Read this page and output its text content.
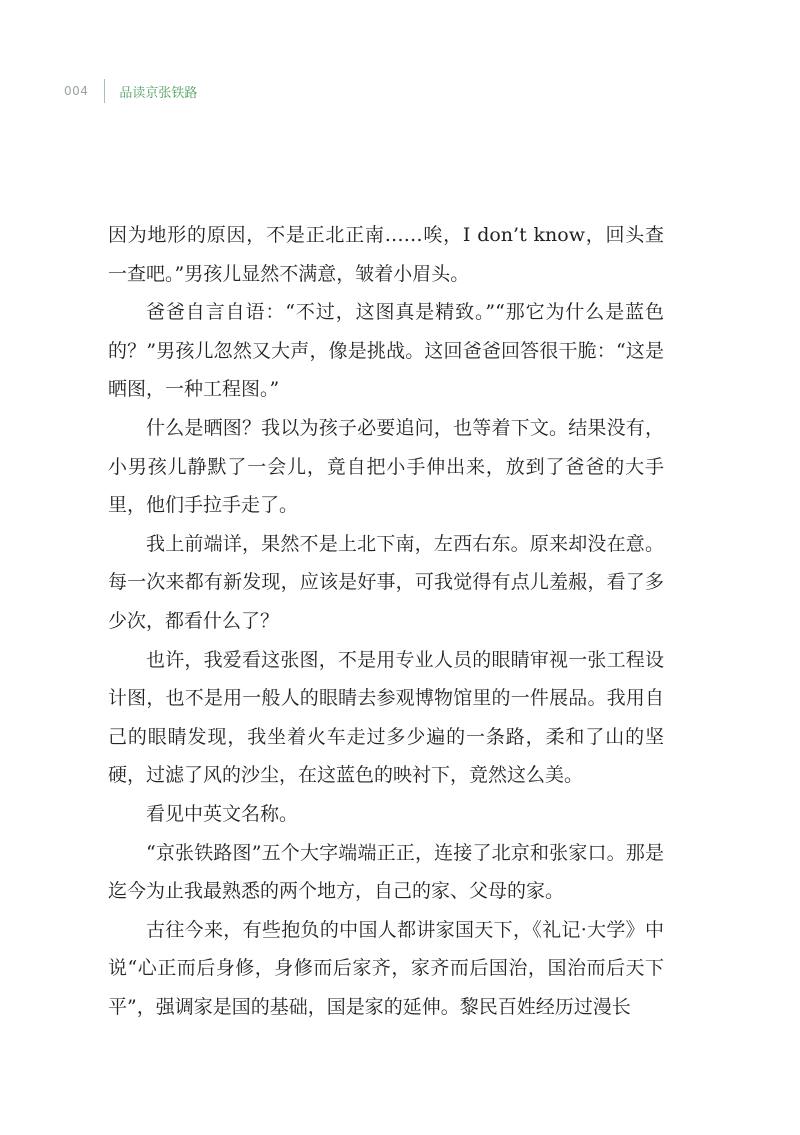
004 品读京张铁路

因为地形的原因，不是正北正南……唉，I don’t know，回头查一查吧。”男孩儿显然不满意，皱着小眉头。

爸爸自言自语：“不过，这图真是精致。”“那它为什么是蓝色的？”男孩儿忽然又大声，像是挑战。这回爸爸回答很干脆：“这是晒图，一种工程图。”

什么是晒图？我以为孩子必要追问，也等着下文。结果没有，小男孩儿静默了一会儿，竟自把小手伸出来，放到了爸爸的大手里，他们手拉手走了。

我上前端详，果然不是上北下南，左西右东。原来却没在意。每一次来都有新发现，应该是好事，可我觉得有点儿羞赧，看了多少次，都看什么了？

也许，我爱看这张图，不是用专业人员的眼睛审视一张工程设计图，也不是用一般人的眼睛去参观博物馆里的一件展品。我用自己的眼睛发现，我坐着火车走过多少遍的一条路，柔和了山的坚硬，过滤了风的沙尘，在这蓝色的映衬下，竟然这么美。

看见中英文名称。

“京张铁路图”五个大字端端正正，连接了北京和张家口。那是迄今为止我最熟悉的两个地方，自己的家、父母的家。

古往今来，有些抱负的中国人都讲家国天下，《礼记·大学》中说“心正而后身修，身修而后家齐，家齐而后国治，国治而后天下平”，强调家是国的基础，国是家的延伸。黎民百姓经历过漫长
